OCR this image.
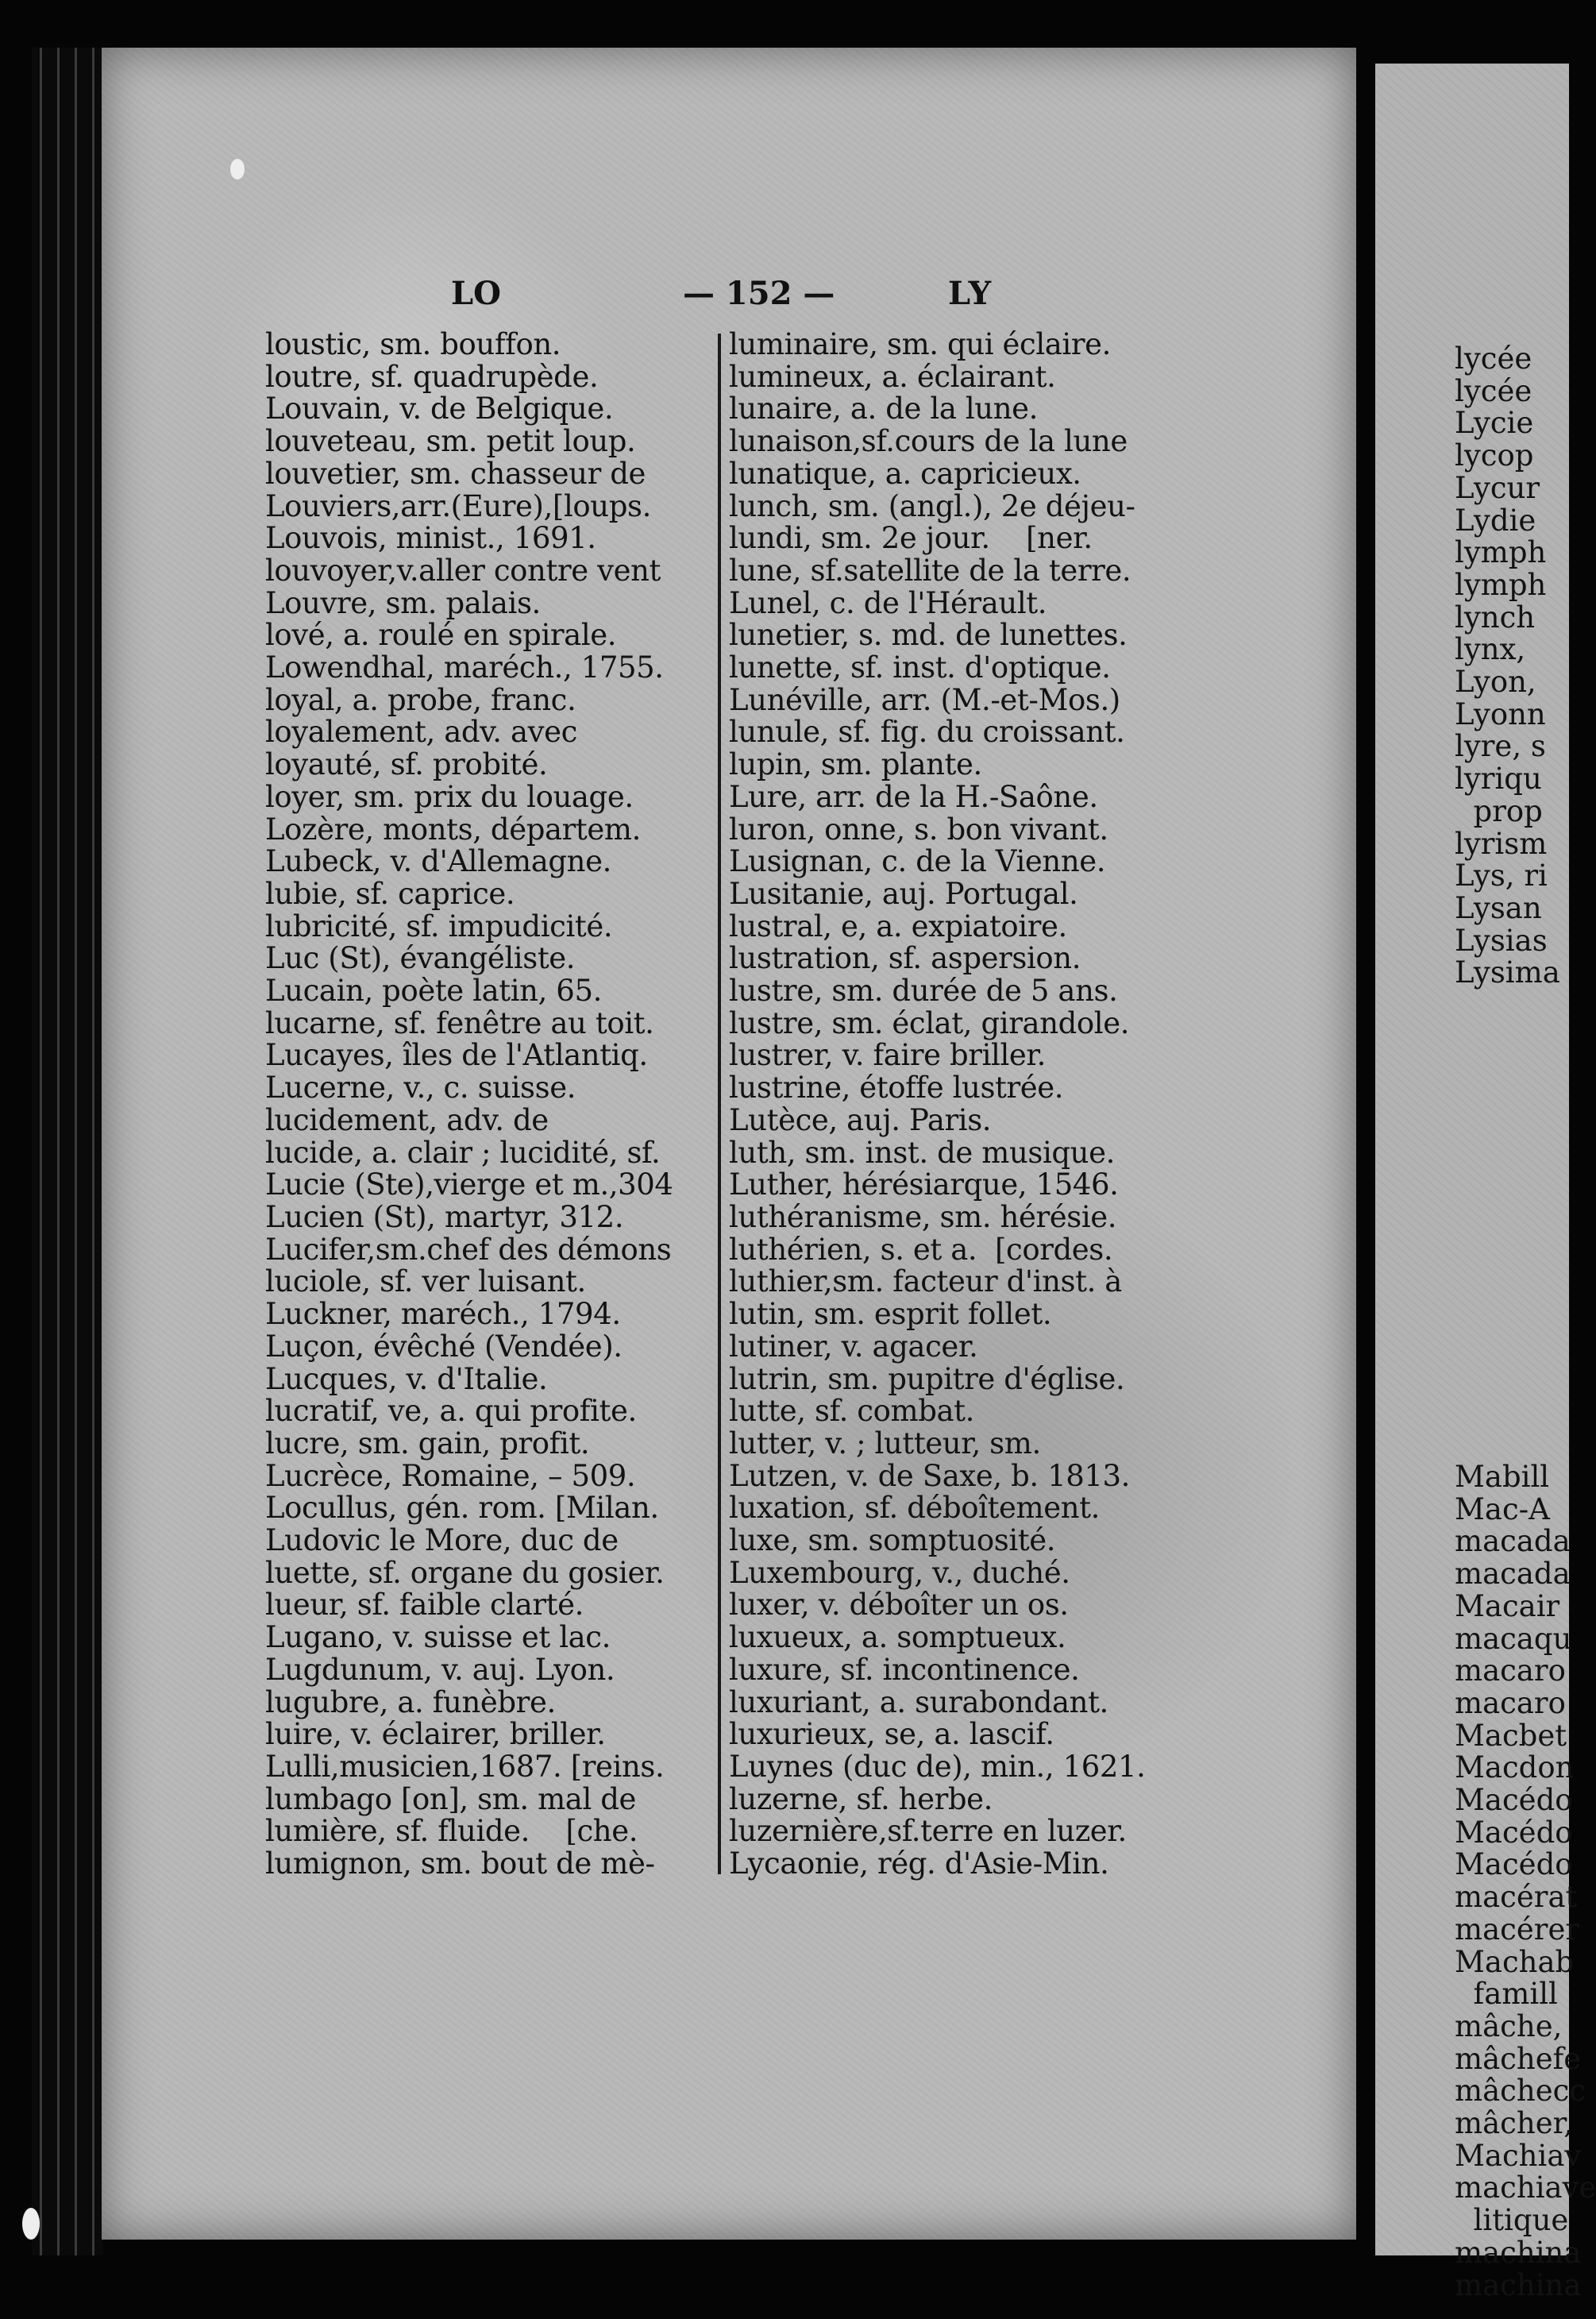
LO	— 152 —	LY
loustic, sm. bouffon.
loutre, sf. quadrupède.
Louvain, v. de Belgique.
louveteau, sm. petit loup.
louvetier, sm. chasseur de
Louviers,arr.(Eure),[loups.
Louvois, minist., 1691.
louvoyer,v.aller contre vent
Louvre, sm. palais.
lové, a. roulé en spirale.
Lowendhal, maréch., 1755.
loyal, a. probe, franc.
loyalement, adv. avec
loyauté, sf. probité.
loyer, sm. prix du louage.
Lozère, monts, départem.
Lubeck, v. d'Allemagne.
lubie, sf. caprice.
lubricité, sf. impudicité.
Luc (St), évangéliste.
Lucain, poète latin, 65.
lucarne, sf. fenêtre au toit.
Lucayes, îles de l'Atlantiq.
Lucerne, v., c. suisse.
lucidement, adv. de
lucide, a. clair ; lucidité, sf.
Lucie (Ste),vierge et m.,304
Lucien (St), martyr, 312.
Lucifer,sm.chef des démons
luciole, sf. ver luisant.
Luckner, maréch., 1794.
Luçon, évêché (Vendée).
Lucques, v. d'Italie.
lucratif, ve, a. qui profite.
lucre, sm. gain, profit.
Lucrèce, Romaine, – 509.
Locullus, gén. rom. [Milan.
Ludovic le More, duc de
luette, sf. organe du gosier.
lueur, sf. faible clarté.
Lugano, v. suisse et lac.
Lugdunum, v. auj. Lyon.
lugubre, a. funèbre.
luire, v. éclairer, briller.
Lulli,musicien,1687. [reins.
lumbago [on], sm. mal de
lumière, sf. fluide.    [che.
lumignon, sm. bout de mè-
luminaire, sm. qui éclaire.
lumineux, a. éclairant.
lunaire, a. de la lune.
lunaison,sf.cours de la lune
lunatique, a. capricieux.
lunch, sm. (angl.), 2e déjeu-
lundi, sm. 2e jour.    [ner.
lune, sf.satellite de la terre.
Lunel, c. de l'Hérault.
lunetier, s. md. de lunettes.
lunette, sf. inst. d'optique.
Lunéville, arr. (M.-et-Mos.)
lunule, sf. fig. du croissant.
lupin, sm. plante.
Lure, arr. de la H.-Saône.
luron, onne, s. bon vivant.
Lusignan, c. de la Vienne.
Lusitanie, auj. Portugal.
lustral, e, a. expiatoire.
lustration, sf. aspersion.
lustre, sm. durée de 5 ans.
lustre, sm. éclat, girandole.
lustrer, v. faire briller.
lustrine, étoffe lustrée.
Lutèce, auj. Paris.
luth, sm. inst. de musique.
Luther, hérésiarque, 1546.
luthéranisme, sm. hérésie.
luthérien, s. et a.  [cordes.
luthier,sm. facteur d'inst. à
lutin, sm. esprit follet.
lutiner, v. agacer.
lutrin, sm. pupitre d'église.
lutte, sf. combat.
lutter, v. ; lutteur, sm.
Lutzen, v. de Saxe, b. 1813.
luxation, sf. déboîtement.
luxe, sm. somptuosité.
Luxembourg, v., duché.
luxer, v. déboîter un os.
luxueux, a. somptueux.
luxure, sf. incontinence.
luxuriant, a. surabondant.
luxurieux, se, a. lascif.
Luynes (duc de), min., 1621.
luzerne, sf. herbe.
luzernière,sf.terre en luzer.
Lycaonie, rég. d'Asie-Min.
lycée
lycée
Lycie
lycop
Lycur
Lydie
lymph
lymph
lynch
lynx,
Lyon,
Lyonn
lyre, s
lyriqu
prop
lyrism
Lys, ri
Lysan
Lysias
Lysima
Mabill
Mac-A
macada
macada
Macair
macaqu
macaro
macaro
Macbet
Macdon
Macédo
Macédo
Macédo
macérat
macérer
Machab
famill
mâche,
mâchefe
mâchecc
mâcher,
Machiav
machiave
litique
machina
machina
